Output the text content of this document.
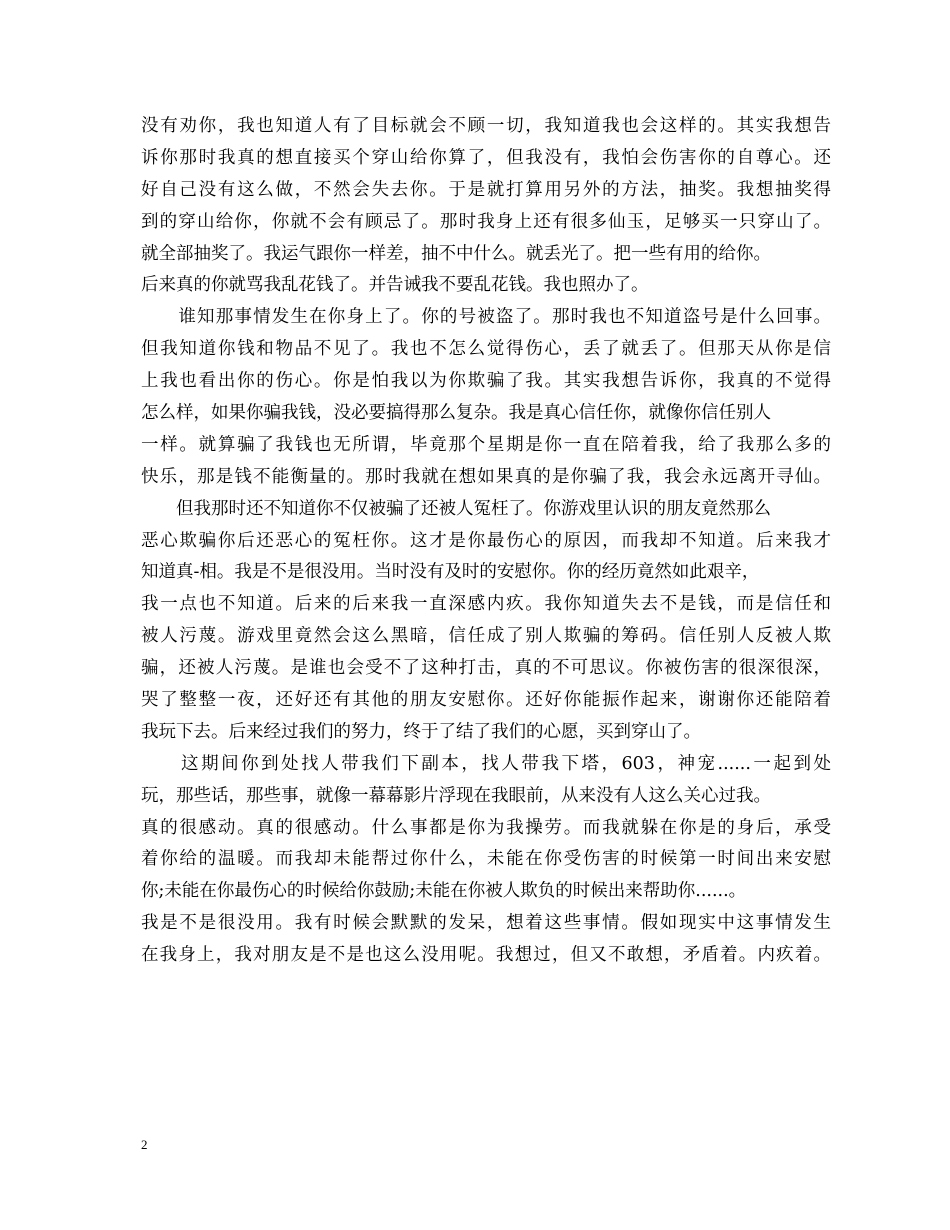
没有劝你，我也知道人有了目标就会不顾一切，我知道我也会这样的。其实我想告
诉你那时我真的想直接买个穿山给你算了，但我没有，我怕会伤害你的自尊心。还
好自己没有这么做，不然会失去你。于是就打算用另外的方法，抽奖。我想抽奖得
到的穿山给你，你就不会有顾忌了。那时我身上还有很多仙玉，足够买一只穿山了。
就全部抽奖了。我运气跟你一样差，抽不中什么。就丢光了。把一些有用的给你。
后来真的你就骂我乱花钱了。并告诫我不要乱花钱。我也照办了。
　　谁知那事情发生在你身上了。你的号被盗了。那时我也不知道盗号是什么回事。
但我知道你钱和物品不见了。我也不怎么觉得伤心，丢了就丢了。但那天从你是信
上我也看出你的伤心。你是怕我以为你欺骗了我。其实我想告诉你，我真的不觉得
怎么样，如果你骗我钱，没必要搞得那么复杂。我是真心信任你，就像你信任别人
一样。就算骗了我钱也无所谓，毕竟那个星期是你一直在陪着我，给了我那么多的
快乐，那是钱不能衡量的。那时我就在想如果真的是你骗了我，我会永远离开寻仙。
　　但我那时还不知道你不仅被骗了还被人冤枉了。你游戏里认识的朋友竟然那么
恶心欺骗你后还恶心的冤枉你。这才是你最伤心的原因，而我却不知道。后来我才
知道真-相。我是不是很没用。当时没有及时的安慰你。你的经历竟然如此艰辛，
我一点也不知道。后来的后来我一直深感内疚。我你知道失去不是钱，而是信任和
被人污蔑。游戏里竟然会这么黑暗，信任成了别人欺骗的筹码。信任别人反被人欺
骗，还被人污蔑。是谁也会受不了这种打击，真的不可思议。你被伤害的很深很深，
哭了整整一夜，还好还有其他的朋友安慰你。还好你能振作起来，谢谢你还能陪着
我玩下去。后来经过我们的努力，终于了结了我们的心愿，买到穿山了。
　　这期间你到处找人带我们下副本，找人带我下塔，603，神宠......一起到处
玩，那些话，那些事，就像一幕幕影片浮现在我眼前，从来没有人这么关心过我。
真的很感动。真的很感动。什么事都是你为我操劳。而我就躲在你是的身后，承受
着你给的温暖。而我却未能帮过你什么，未能在你受伤害的时候第一时间出来安慰
你;未能在你最伤心的时候给你鼓励;未能在你被人欺负的时候出来帮助你......。
我是不是很没用。我有时候会默默的发呆，想着这些事情。假如现实中这事情发生
在我身上，我对朋友是不是也这么没用呢。我想过，但又不敢想，矛盾着。内疚着。
2
